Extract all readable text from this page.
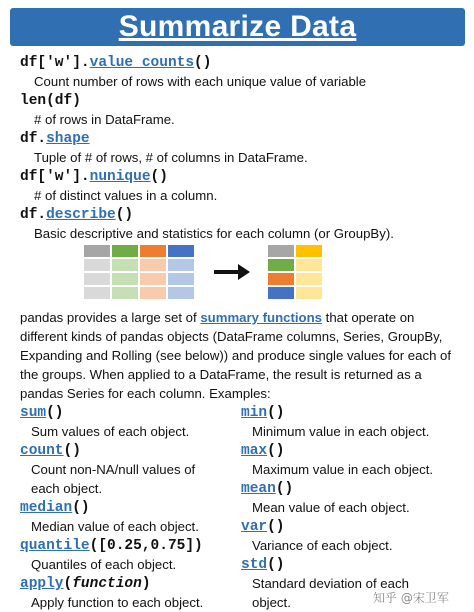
Summarize Data
df['w'].value_counts()
Count number of rows with each unique value of variable
len(df)
# of rows in DataFrame.
df.shape
Tuple of # of rows, # of columns in DataFrame.
df['w'].nunique()
# of distinct values in a column.
df.describe()
Basic descriptive and statistics for each column (or GroupBy).
pandas provides a large set of summary functions that operate on different kinds of pandas objects (DataFrame columns, Series, GroupBy, Expanding and Rolling (see below)) and produce single values for each of the groups. When applied to a DataFrame, the result is returned as a pandas Series for each column. Examples:
sum()
Sum values of each object.
count()
Count non-NA/null values of
each object.
median()
Median value of each object.
quantile([0.25,0.75])
Quantiles of each object.
apply(function)
Apply function to each object.
min()
Minimum value in each object.
max()
Maximum value in each object.
mean()
Mean value of each object.
var()
Variance of each object.
std()
Standard deviation of each
object.	知乎 @宋卫军
